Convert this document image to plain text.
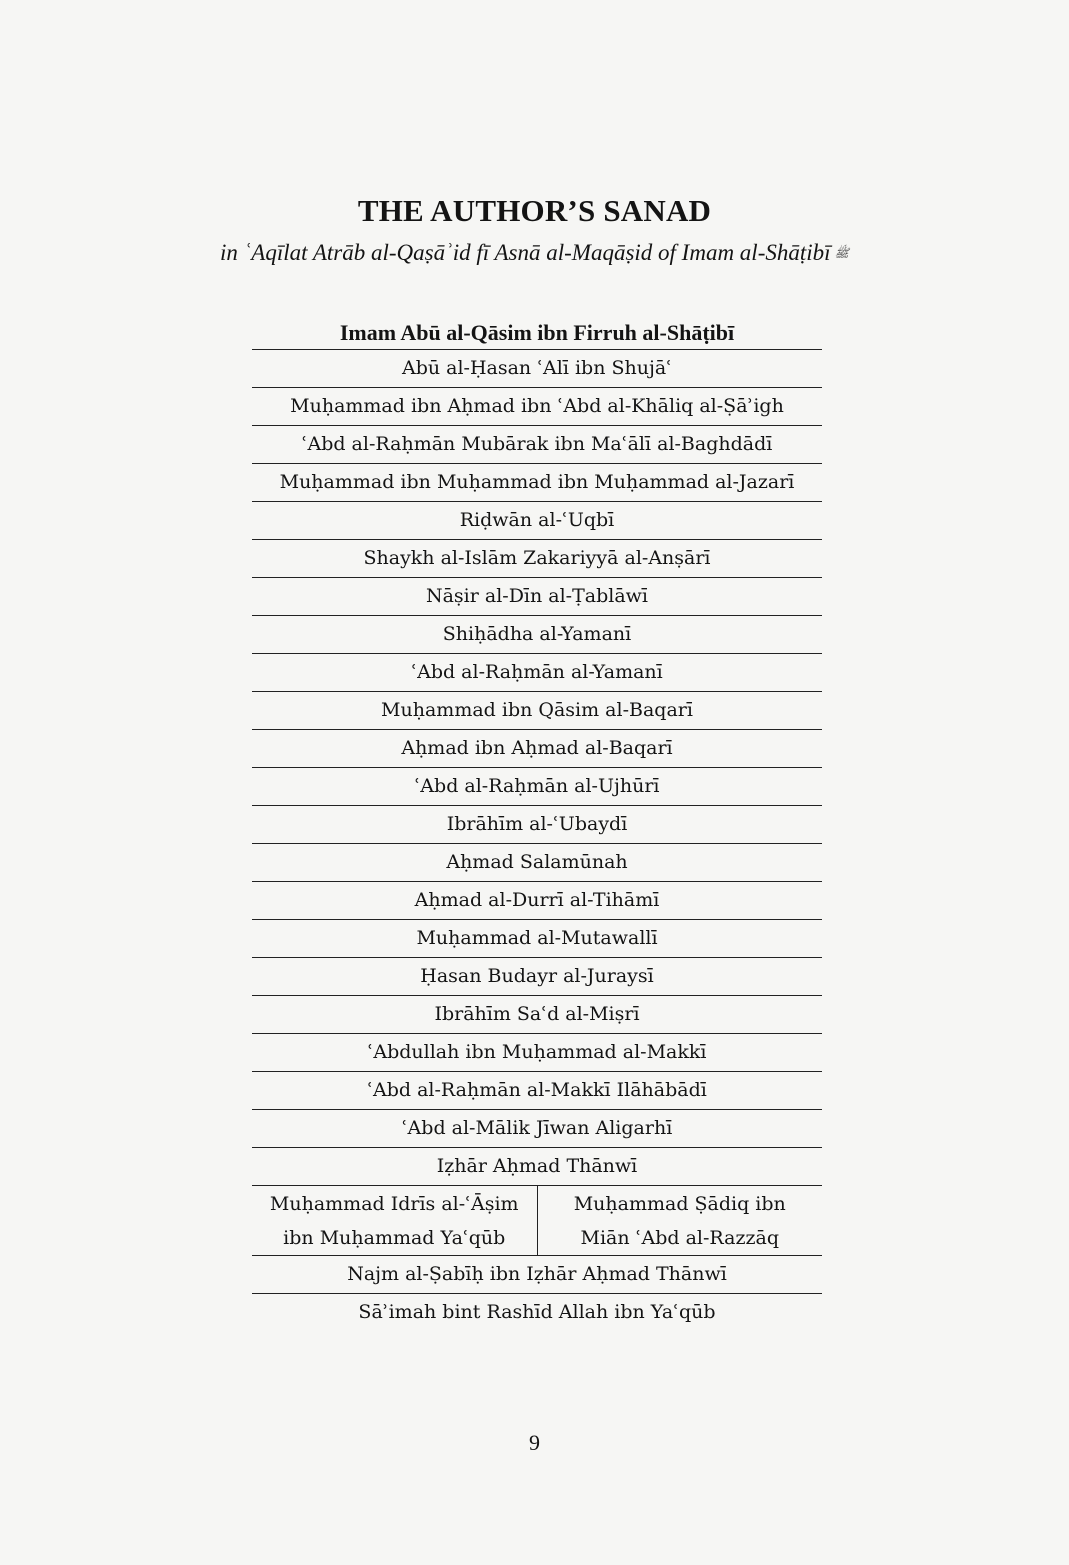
THE AUTHOR’S SANAD

in ʿAqīlat Atrāb al-Qaṣāʾid fī Asnā al-Maqāṣid of Imam al-Shāṭibī ﷺ

Imam Abū al-Qāsim ibn Firruh al-Shāṭibī
Abū al-Ḥasan ʿAlī ibn Shujāʿ
Muḥammad ibn Aḥmad ibn ʿAbd al-Khāliq al-Ṣāʾigh
ʿAbd al-Raḥmān Mubārak ibn Maʿālī al-Baghdādī
Muḥammad ibn Muḥammad ibn Muḥammad al-Jazarī
Riḍwān al-ʿUqbī
Shaykh al-Islām Zakariyyā al-Anṣārī
Nāṣir al-Dīn al-Ṭablāwī
Shiḥādha al-Yamanī
ʿAbd al-Raḥmān al-Yamanī
Muḥammad ibn Qāsim al-Baqarī
Aḥmad ibn Aḥmad al-Baqarī
ʿAbd al-Raḥmān al-Ujhūrī
Ibrāhīm al-ʿUbaydī
Aḥmad Salamūnah
Aḥmad al-Durrī al-Tihāmī
Muḥammad al-Mutawallī
Ḥasan Budayr al-Juraysī
Ibrāhīm Saʿd al-Miṣrī
ʿAbdullah ibn Muḥammad al-Makkī
ʿAbd al-Raḥmān al-Makkī Ilāhābādī
ʿAbd al-Mālik Jīwan Aligarhī
Iẓhār Aḥmad Thānwī
Muḥammad Idrīs al-ʿĀṣim
ibn Muḥammad Yaʿqūb
Muḥammad Ṣādiq ibn
Miān ʿAbd al-Razzāq
Najm al-Ṣabīḥ ibn Iẓhār Aḥmad Thānwī
Sāʾimah bint Rashīd Allah ibn Yaʿqūb
9
